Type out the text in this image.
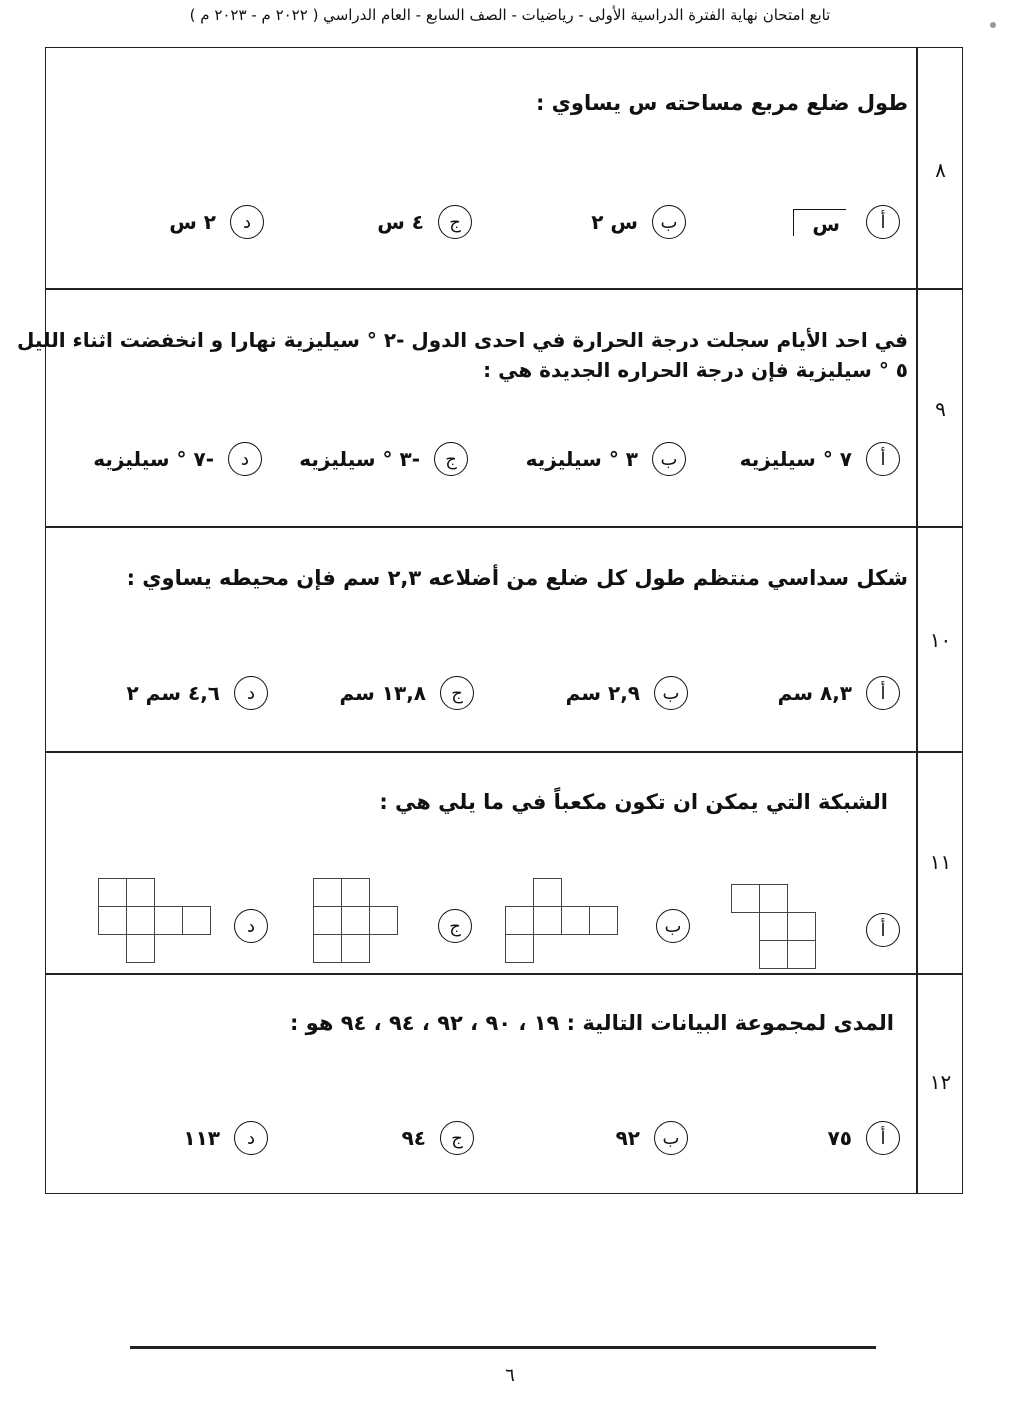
تابع امتحان نهاية الفترة الدراسية الأولى - رياضيات - الصف السابع - العام الدراسي ( ٢٠٢٢ م - ٢٠٢٣ م )
٨
طول ضلع مربع مساحته س يساوي :
أ
س
ب
س ٢
ج
٤ س
د
٢ س
٩
في احد الأيام سجلت درجة الحرارة في احدى الدول -٢ ° سيليزية نهارا و انخفضت اثناء الليل
٥ ° سيليزية فإن درجة الحراره الجديدة هي :
أ
٧ ° سيليزيه
ب
٣ ° سيليزيه
ج
-٣ ° سيليزيه
د
-٧ ° سيليزيه
١٠
شكل سداسي منتظم طول كل ضلع من أضلاعه ٢,٣ سم فإن محيطه يساوي :
أ
٨,٣ سم
ب
٢,٩ سم
ج
١٣,٨ سم
د
٤,٦ سم ٢
١١
الشبكة التي يمكن ان تكون مكعباً في ما يلي هي :
أ
ب
ج
د
١٢
المدى لمجموعة البيانات التالية : ١٩ ، ٩٠ ، ٩٢ ، ٩٤ ، ٩٤ هو :
أ
٧٥
ب
٩٢
ج
٩٤
د
١١٣
٦
